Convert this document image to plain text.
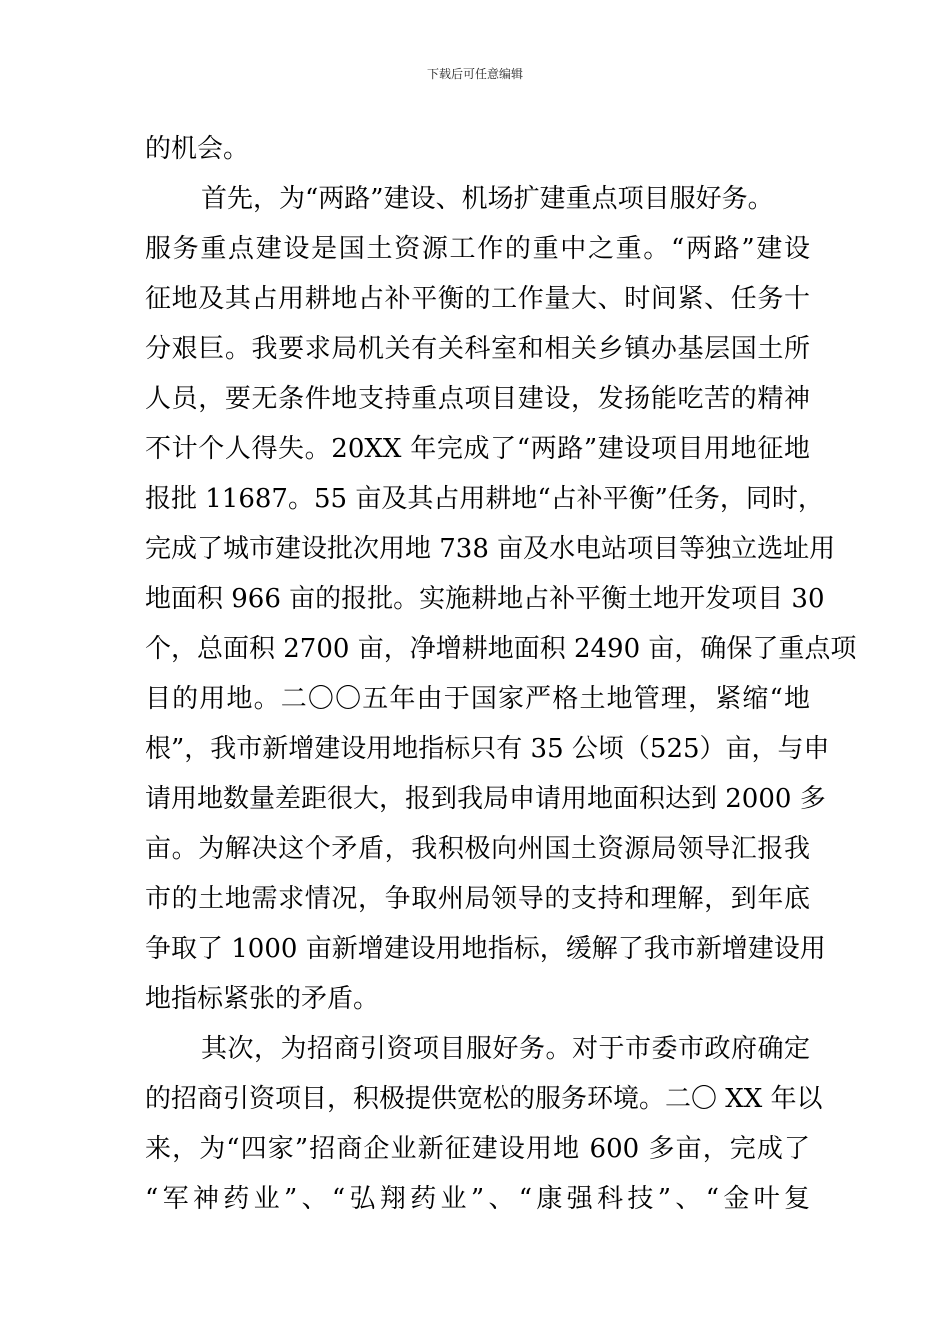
下载后可任意编辑
的机会。
首先，为“两路”建设、机场扩建重点项目服好务。
服务重点建设是国土资源工作的重中之重。“两路”建设
征地及其占用耕地占补平衡的工作量大、时间紧、任务十
分艰巨。我要求局机关有关科室和相关乡镇办基层国土所
人员，要无条件地支持重点项目建设，发扬能吃苦的精神
不计个人得失。20XX 年完成了“两路”建设项目用地征地
报批 11687。55 亩及其占用耕地“占补平衡”任务，同时，
完成了城市建设批次用地 738 亩及水电站项目等独立选址用
地面积 966 亩的报批。实施耕地占补平衡土地开发项目 30
个，总面积 2700 亩，净增耕地面积 2490 亩，确保了重点项
目的用地。二〇〇五年由于国家严格土地管理，紧缩“地
根”，我市新增建设用地指标只有 35 公顷（525）亩，与申
请用地数量差距很大，报到我局申请用地面积达到 2000 多
亩。为解决这个矛盾，我积极向州国土资源局领导汇报我
市的土地需求情况，争取州局领导的支持和理解，到年底
争取了 1000 亩新增建设用地指标，缓解了我市新增建设用
地指标紧张的矛盾。
其次，为招商引资项目服好务。对于市委市政府确定
的招商引资项目，积极提供宽松的服务环境。二〇 XX 年以
来，为“四家”招商企业新征建设用地 600 多亩，完成了
“军神药业”、“弘翔药业”、“康强科技”、“金叶复
